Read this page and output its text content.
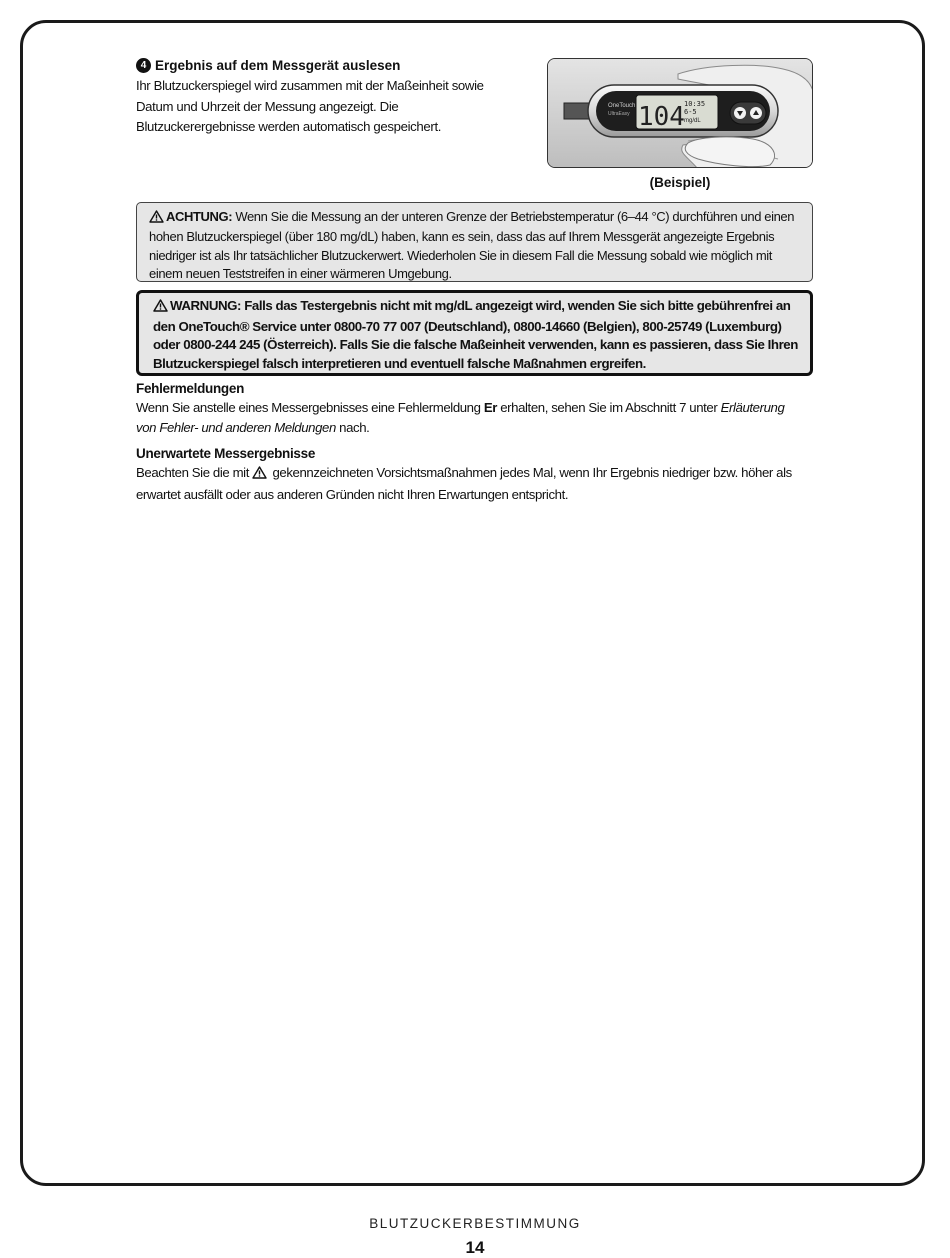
4 Ergebnis auf dem Messgerät auslesen
Ihr Blutzuckerspiegel wird zusammen mit der Maßeinheit sowie Datum und Uhrzeit der Messung angezeigt. Die Blutzuckerergebnisse werden automatisch gespeichert.
OneTouch
UltraEasy 104 10:35
6-5
mg/dL
(Beispiel)
ACHTUNG: Wenn Sie die Messung an der unteren Grenze der Betriebstemperatur (6–44 °C) durchführen und einen hohen Blutzuckerspiegel (über 180 mg/dL) haben, kann es sein, dass das auf Ihrem Messgerät angezeigte Ergebnis niedriger ist als Ihr tatsächlicher Blutzuckerwert. Wiederholen Sie in diesem Fall die Messung sobald wie möglich mit einem neuen Teststreifen in einer wärmeren Umgebung.
WARNUNG: Falls das Testergebnis nicht mit mg/dL angezeigt wird, wenden Sie sich bitte gebührenfrei an den OneTouch® Service unter 0800-70 77 007 (Deutschland), 0800-14660 (Belgien), 800-25749 (Luxemburg) oder 0800-244 245 (Österreich). Falls Sie die falsche Maßeinheit verwenden, kann es passieren, dass Sie Ihren Blutzuckerspiegel falsch interpretieren und eventuell falsche Maßnahmen ergreifen.
Fehlermeldungen
Wenn Sie anstelle eines Messergebnisses eine Fehlermeldung Er erhalten, sehen Sie im Abschnitt 7 unter Erläuterung von Fehler- und anderen Meldungen nach.
Unerwartete Messergebnisse
Beachten Sie die mit  gekennzeichneten Vorsichtsmaßnahmen jedes Mal, wenn Ihr Ergebnis niedriger bzw. höher als erwartet ausfällt oder aus anderen Gründen nicht Ihren Erwartungen entspricht.
BLUTZUCKERBESTIMMUNG
14
